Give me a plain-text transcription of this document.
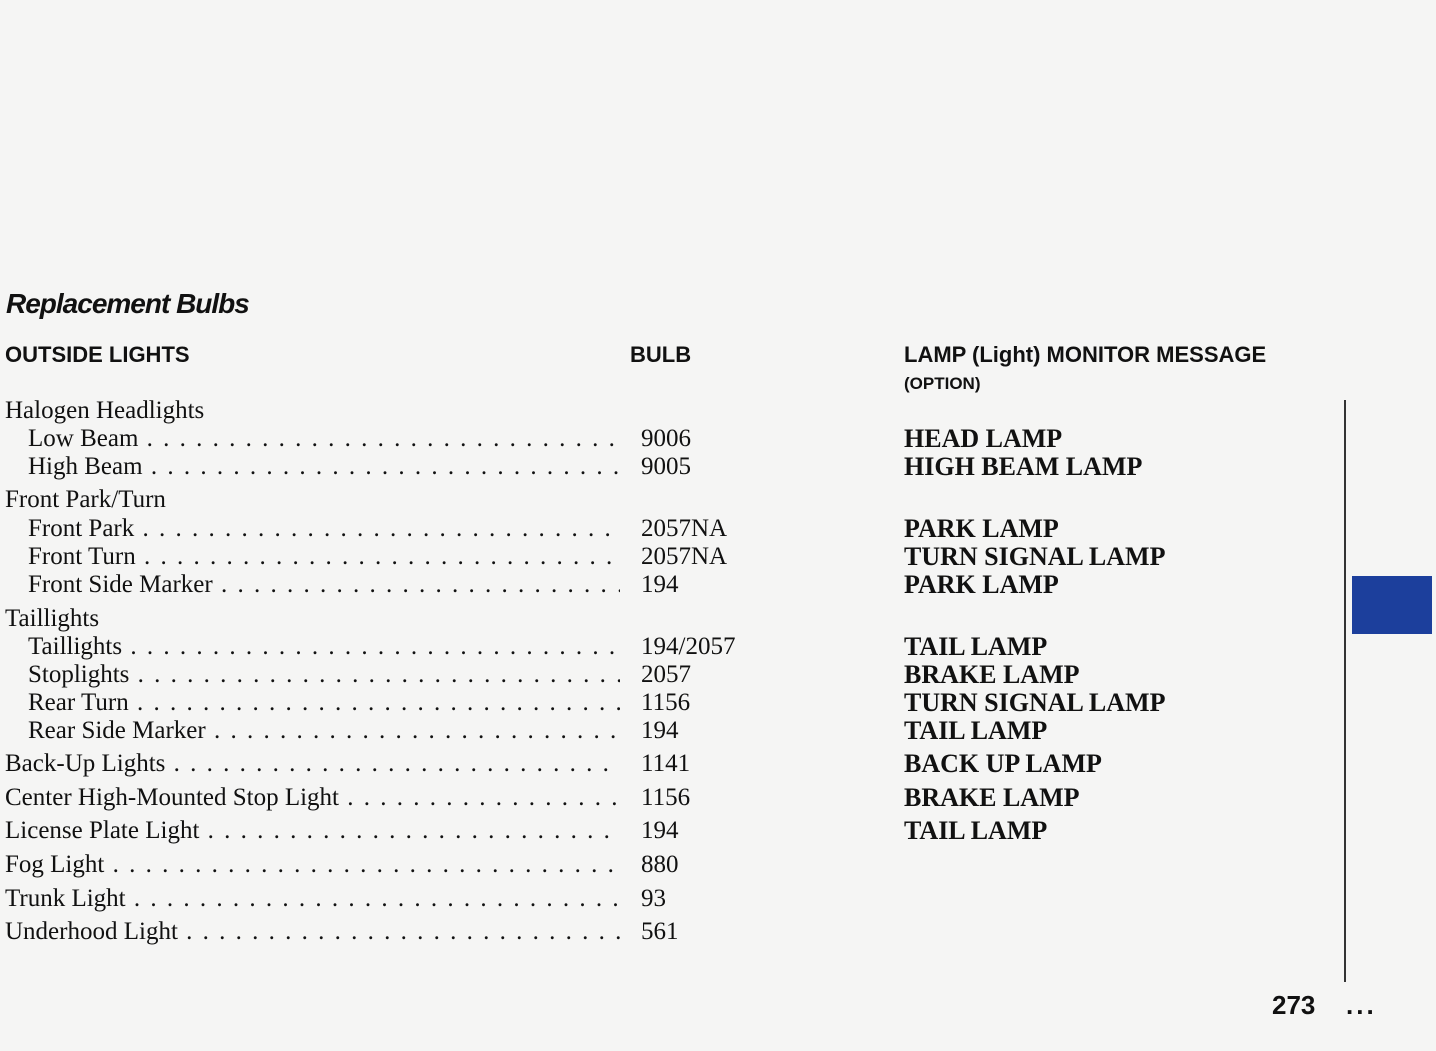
Replacement Bulbs
OUTSIDE LIGHTS	BULB	LAMP (Light) MONITOR MESSAGE
(OPTION)
Halogen Headlights
Low Beam . . .	9006	HEAD LAMP
High Beam . . .	9005	HIGH BEAM LAMP
Front Park/Turn
Front Park . . .	2057NA	PARK LAMP
Front Turn . . .	2057NA	TURN SIGNAL LAMP
Front Side Marker . . .	194	PARK LAMP
Taillights
Taillights . . .	194/2057	TAIL LAMP
Stoplights . . .	2057	BRAKE LAMP
Rear Turn . . .	1156	TURN SIGNAL LAMP
Rear Side Marker . . .	194	TAIL LAMP
Back-Up Lights . . .	1141	BACK UP LAMP
Center High-Mounted Stop Light . . .	1156	BRAKE LAMP
License Plate Light . . .	194	TAIL LAMP
Fog Light . . .	880
Trunk Light . . .	93
Underhood Light . . .	561
273 ...
